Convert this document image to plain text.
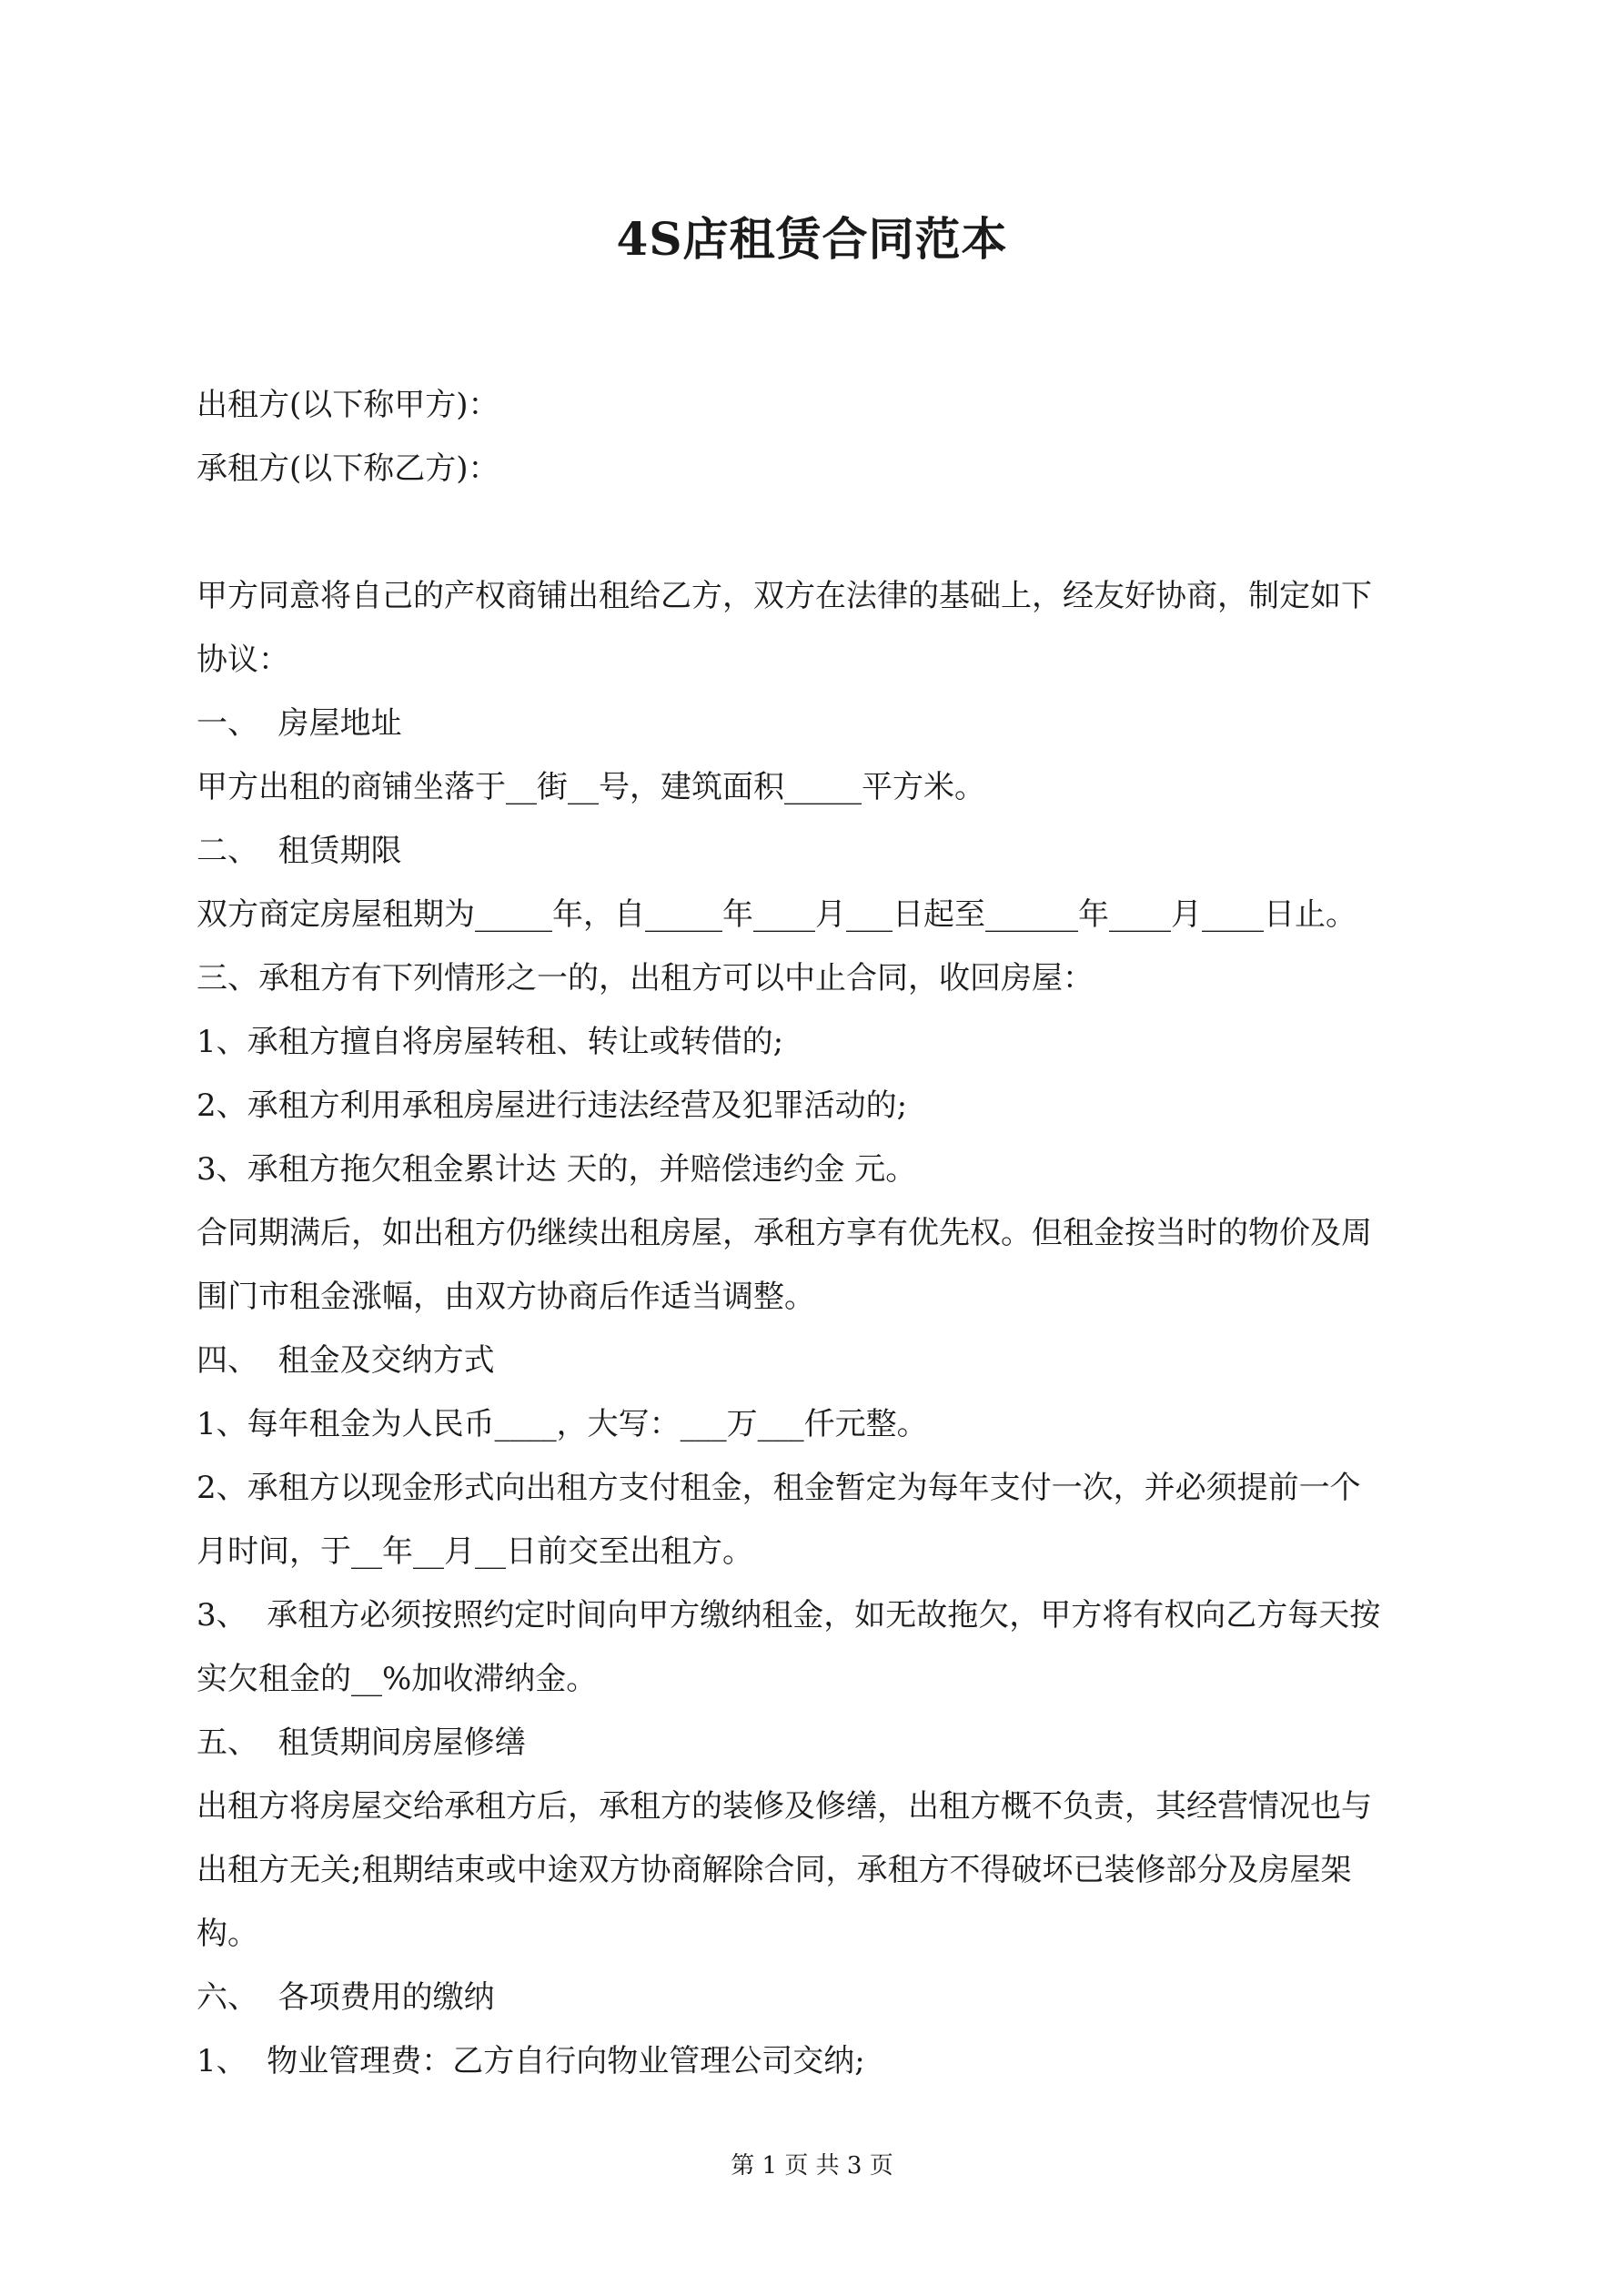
4S店租赁合同范本
出租方(以下称甲方)：
承租方(以下称乙方)：
甲方同意将自己的产权商铺出租给乙方，双方在法律的基础上，经友好协商，制定如下
协议：
一、  房屋地址
甲方出租的商铺坐落于__街__号，建筑面积_____平方米。
二、  租赁期限
双方商定房屋租期为_____年，自_____年____月___日起至______年____月____日止。
三、承租方有下列情形之一的，出租方可以中止合同，收回房屋：
1、承租方擅自将房屋转租、转让或转借的;
2、承租方利用承租房屋进行违法经营及犯罪活动的;
3、承租方拖欠租金累计达 天的，并赔偿违约金 元。
合同期满后，如出租方仍继续出租房屋，承租方享有优先权。但租金按当时的物价及周
围门市租金涨幅，由双方协商后作适当调整。
四、  租金及交纳方式
1、每年租金为人民币____，大写：___万___仟元整。
2、承租方以现金形式向出租方支付租金，租金暂定为每年支付一次，并必须提前一个
月时间，于__年__月__日前交至出租方。
3、  承租方必须按照约定时间向甲方缴纳租金，如无故拖欠，甲方将有权向乙方每天按
实欠租金的__%加收滞纳金。
五、  租赁期间房屋修缮
出租方将房屋交给承租方后，承租方的装修及修缮，出租方概不负责，其经营情况也与
出租方无关;租期结束或中途双方协商解除合同，承租方不得破坏已装修部分及房屋架
构。
六、  各项费用的缴纳
1、  物业管理费：乙方自行向物业管理公司交纳;
第 1 页 共 3 页
